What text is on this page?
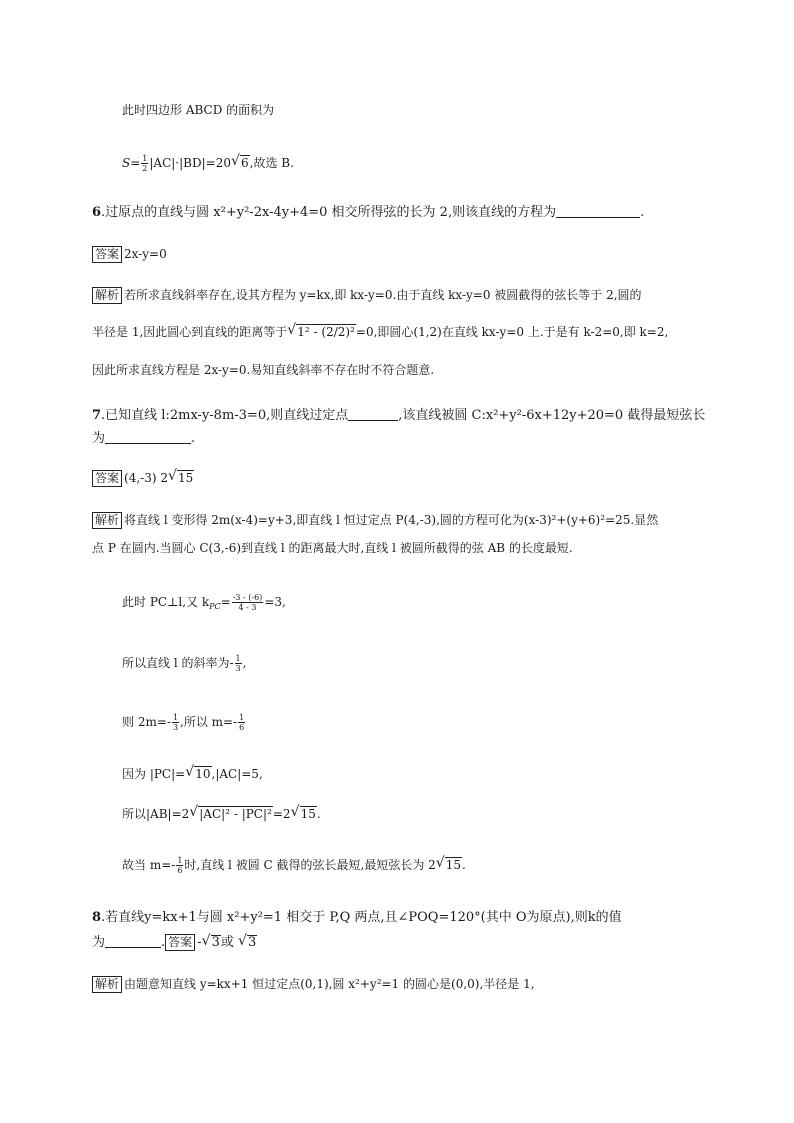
此时四边形 ABCD 的面积为
$S= \frac{1}{2} |AC|\cdot|BD|=20√$ 6,故选 B.
6.过原点的直线与圆 x²+y²-2x-4y+4=0 相交所得弦的长为 2,则该直线的方程为	.
答案 2x-y=0
解析 若所求直线斜率存在,设其方程为 y=kx,即 kx-y=0.由于直线 kx-y=0 被圆截得的弦长等于 2,圆的
半径是 1,因此圆心到直线的距离等于√ 1² - (2/2)²=0,即圆心(1,2)在直线 kx-y=0 上.于是有 k-2=0,即 k=2,
因此所求直线方程是 2x-y=0.易知直线斜率不存在时不符合题意.
7.已知直线 l:2mx-y-8m-3=0,则直线过定点	,该直线被圆 C:x²+y²-6x+12y+20=0 截得最短弦长
为	.
答案 (4,-3) 2√ 15
解析 将直线 l 变形得 2m(x-4)=y+3,即直线 l 恒过定点 P(4,-3),圆的方程可化为(x-3)²+(y+6)²=25.显然
点 P 在圆内.当圆心 C(3,-6)到直线 l 的距离最大时,直线 l 被圆所截得的弦 AB 的长度最短.
此时 PC⊥l,又 $k_{PC}= \frac{-3 - (-6)}{4 - 3} =3$,
所以直线 l 的斜率为- $\frac{1}{3}$ ,
则 $2m=- \frac{1}{3}$ ,所以 $m=- \frac{1}{6}$
因为 |PC|=√ 10,|AC|=5,
所以|AB|=2√ |AC|² - |PC|²=2√ 15.
故当 $m=- \frac{1}{6}$ 时,直线 l 被圆 C 截得的弦长最短,最短弦长为 2√ 15.
8.若直线y=kx+1与圆 x²+y²=1 相交于 P,Q 两点,且∠POQ=120°(其中 O为原点),则k的值
为	. 答案 -√ 3或 √ 3
解析 由题意知直线 y=kx+1 恒过定点(0,1),圆 x²+y²=1 的圆心是(0,0),半径是 1,
